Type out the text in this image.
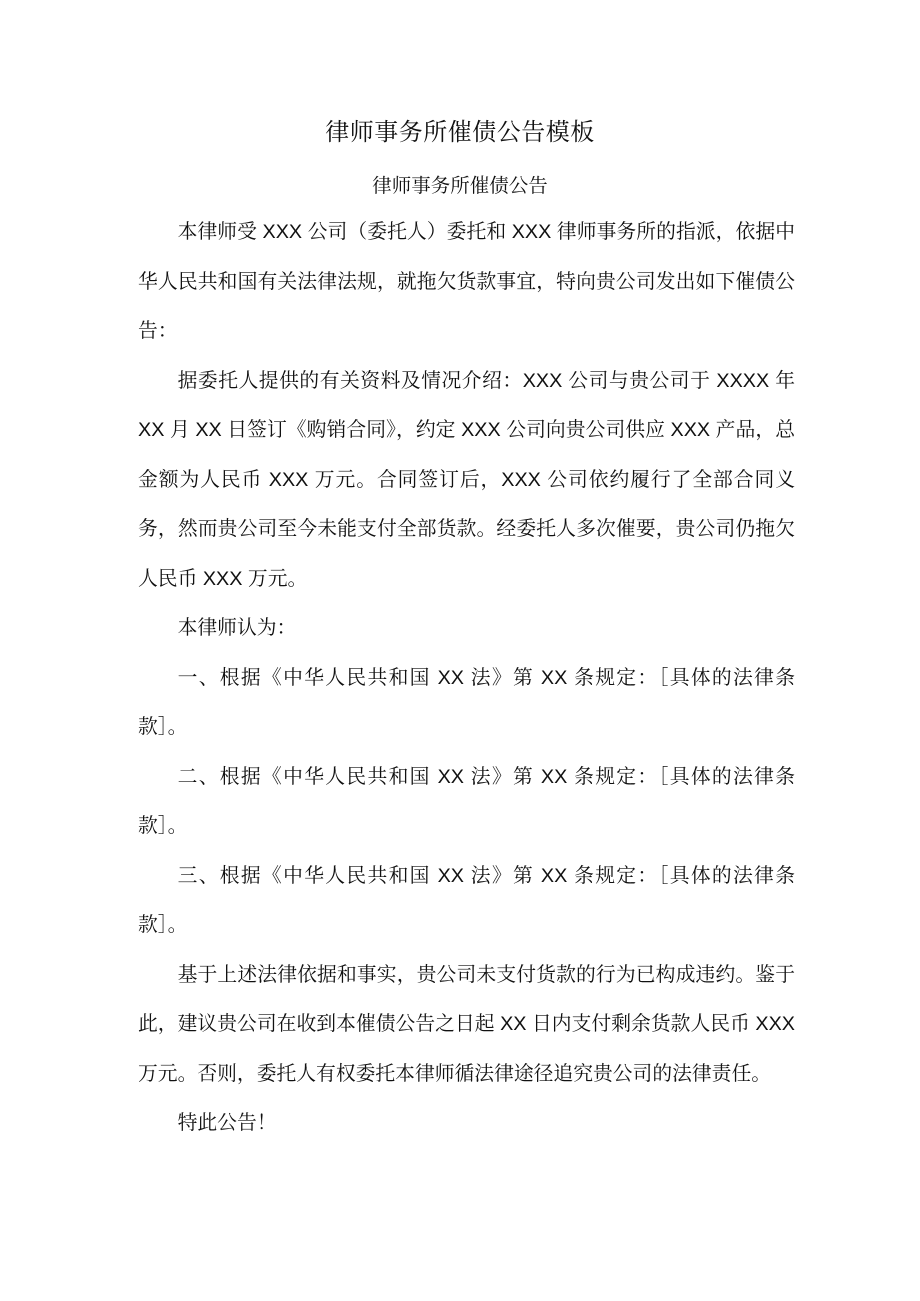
律师事务所催债公告模板
律师事务所催债公告

本律师受 XXX 公司（委托人）委托和 XXX 律师事务所的指派，依据中华人民共和国有关法律法规，就拖欠货款事宜，特向贵公司发出如下催债公告：

据委托人提供的有关资料及情况介绍：XXX 公司与贵公司于 XXXX 年 XX 月 XX 日签订《购销合同》，约定 XXX 公司向贵公司供应 XXX 产品，总金额为人民币 XXX 万元。合同签订后，XXX 公司依约履行了全部合同义务，然而贵公司至今未能支付全部货款。经委托人多次催要，贵公司仍拖欠人民币 XXX 万元。

本律师认为：

一、根据《中华人民共和国 XX 法》第 XX 条规定：［具体的法律条款］。

二、根据《中华人民共和国 XX 法》第 XX 条规定：［具体的法律条款］。

三、根据《中华人民共和国 XX 法》第 XX 条规定：［具体的法律条款］。

基于上述法律依据和事实，贵公司未支付货款的行为已构成违约。鉴于此，建议贵公司在收到本催债公告之日起 XX 日内支付剩余货款人民币 XXX 万元。否则，委托人有权委托本律师循法律途径追究贵公司的法律责任。

特此公告！
